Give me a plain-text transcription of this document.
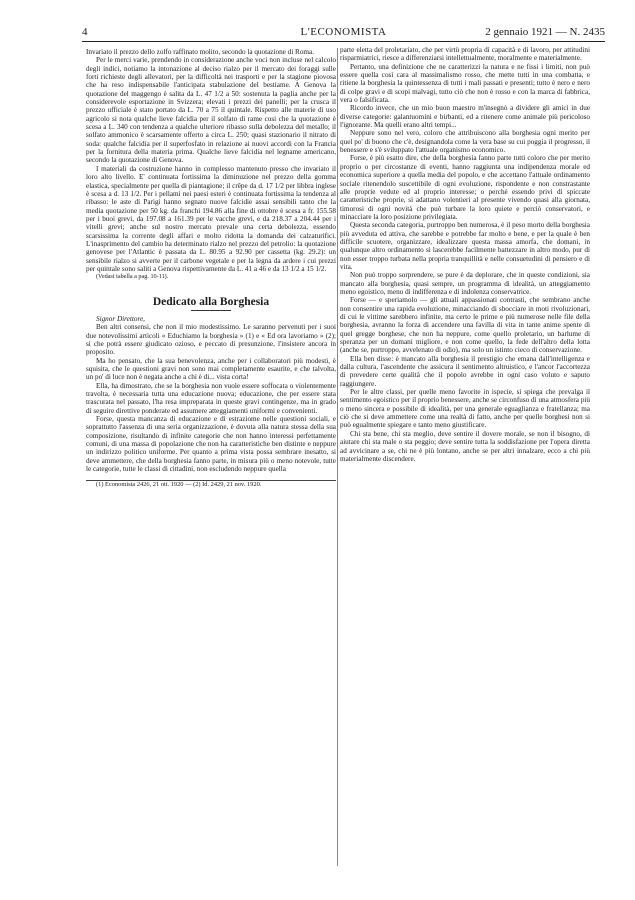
4	L'ECONOMISTA	2 gennaio 1921 — N. 2435

Invariato il prezzo dello zolfo raffinato molito, secondo la quotazione di Roma.

Per le merci varie, prendendo in considerazione anche voci non incluse nel calcolo degli indici, notiamo la intonazione al deciso rialzo per il mercato dei foraggi sulle forti richieste degli allevatori, per la difficoltà nei trasporti e per la stagione piovosa che ha reso indispensabile l'anticipata stabulazione del bestiame. A Genova la quotazione del maggengo è salita da L. 47 1/2 a 50: sostenuta la paglia anche per la considerevole esportazione in Svizzera; elevati i prezzi dei panelli; per la crusca il prezzo ufficiale è stato portato da L. 70 a 75 il quintale. Rispetto alle materie di uso agricolo si nota qualche lieve falcidia per il solfato di rame cosi che la quotazione è scesa a L. 340 con tendenza a qualche ulteriore ribasso sulla debolezza del metallo; il solfato ammonico è scarsamente offerto a circa L. 250; quasi stazionario il nitrato di soda: qualche falcidia per il superfosfato in relazione ai nuovi accordi con la Francia per la fornitura della materia prima. Qualche lieve falcidia nel legname americano, secondo la quotazione di Genova.

I materiali da costruzione hanno in complesso mantenuto presso che invariato il loro alto livello. E' continuata fortissima la diminuzione nel prezzo della gomma elastica, specialmente per quella di piantagione; il crêpe da d. 17 1/2 per libbra inglese è scesa a d. 13 1/2. Per i pellami nei paesi esteri è continuata fortissima la tendenza al ribasso: le aste di Parigi hanno segnato nuove falcidie assai sensibili tanto che la media quotazione per 50 kg. da franchi 194.86 alla fine di ottobre è scesa a fr. 155.58 per i buoi grevi, da 197.08 a 161.39 per le vacche grevi, e da 218.37 a 204.44 per i vitelli grevi; anche sul nostro mercato prevale una certa debolezza, essendo scarsissima la corrente degli affari e molto ridotta la domanda dei calzaturifici. L'inasprimento del cambio ha determinato rialzo nel prezzo del petrolio: la quotazione genovese per l'Atlantic è passata da L. 80.95 a 92.90 per cassetta (kg. 29.2): un sensibile rialzo si avverte per il carbone vegetale e per la legna da ardere i cui prezzi per quintale sono saliti a Genova rispettivamente da L. 41 a 46 e da 13 1/2 a 15 1/2.

(Vedasi tabella a pag. 10-11).

Dedicato alla Borghesia

Signor Direttore,

Ben altri consensi, che non il mio modestissimo. Le saranno pervenuti per i suoi due notevolissimi articoli « Educhiamo la borghesia » (1) e « Ed ora lavoriamo » (2); si che potrà essere giudicato ozioso, e peccato di presunzione, l'insistere ancora in proposito.

Ma ho pensato, che la sua benevolenza, anche per i collaboratori più modesti, è squisita, che le questioni gravi non sono mai completamente esaurite, e che talvolta, un po' di luce non è negata anche a chi è di... vista corta!

Ella, ha dimostrato, che se la borghesia non vuole essere soffocata o violentemente travolta, è necessaria tutta una educazione nuova; educazione, che per essere stata trascurata nel passato, l'ha resa impreparata in queste gravi contingenze, ma in grado di seguire direttive ponderate ed assumere atteggiamenti uniformi e convenienti.

Forse, questa mancanza di educazione e di estraziome nelle questioni sociali, e soprattutto l'assenza di una seria organizzazione, è dovuta alla natura stessa della sua composizione, risultando di infinite categorie che non hanno interessi perfettamente comuni, di una massa di popolazione che non ha caratteristiche ben distinte e neppure un indirizzo politico uniforme. Per quanto a prima vista possa sembrare inesatto, si deve ammettere, che della borghesia fanno parte, in misura più o meno notevole, tutte le categorie, tutte le classi di cittadini, non escludendo neppure quella

(1) Economista 2426, 21 ott. 1920 — (2) Id. 2429, 21 nov. 1920.

parte eletta del proletariato, che per virtù propria di capacità e di lavoro, per attitudini risparmiatrici, riesce a differenziarsi intellettualmente, moralmente e materialmente.

Pertanto, una definizione che ne caratterizzi la natura e ne fissi i limiti, non può essere quella così cara al massimalismo rosso, che mette tutti in una combatta, e ritiene la borghesia la quintessenza di tutti i mali passati e presenti; tutto è nero e nero di colpe gravi e di scopi malvagi, tutto ciò che non è rosso e con la marca di fabbrica, vera o falsificata.

Ricordo invece, che un mio buon maestro m'insegnò a dividere gli amici in due diverse categorie: galantuomini e birbanti, ed a ritenere come animale più pericoloso l'ignorante. Ma quelli erano altri tempi...

Neppure sono nel vero, coloro che attribuiscono alla borghesia ogni merito per quel po' di buono che c'è, designandola come la vera base su cui poggia il progresso, il benessere e s'è sviluppato l'attuale organismo economico.

Forse, è più esatto dire, che della borghesia fanno parte tutti coloro che per merito proprio o per circostanze di eventi, hanno raggiunta una indipendenza morale ed economica superiore a quella media del popolo, e che accettano l'attuale ordinamento sociale ritenendolo suscettibile di ogni evoluzione, rispondente e non constrastante alle proprie vedute ed al proprio interesse; o perchè essendo privi di spiccate caratteristiche proprie, si adattano volentieri al presente vivendo quasi alla giornata, timorosi di ogni novità che può turbare la loro quiete e perciò conservatori, e minacciare la loro posizione privilegiata.

Questa seconda categoria, purtroppo ben numerosa, è il peso morto della borghesia più avveduta ed attiva, che sarebbe e potrebbe far molto e bene, e per la quale è ben difficile scuotere, organizzare, idealizzare questa massa amorfa, che domani, in qualunque altro ordinamento si lascerebbe facilmente battezzare in altro modo, pur di non esser troppo turbata nella propria tranquillità e nelle consuetudini di pensiero e di vita.

Non può troppo sorprendere, se pure è da deplorare, che in queste condizioni, sia mancato alla borghesia, quasi sempre, un programma di idealità, un atteggiamento meno egoistico, meno di indifferenza e di indolenza conservatrice.

Forse — e speriamolo — gli attuali appassionati contrasti, che sembrano anche non consentire una rapida evoluzione, minacciando di sbocciare in moti rivoluzionari, di cui le vittime sarebbero infinite, ma certo le prime e più numerose nelle file della borghesia, avranno la forza di accendere una favilla di vita in tante anime spente di quel gregge borghese, che non ha neppure, come quello proletario, un barlume di speranza per un domani migliore, e non come quello, la fede dell'altro della lotta (anche se, purtroppo, avvelenato di odio), ma solo un istinto cieco di conservazione.

Ella ben disse: è mancato alla borghesia il prestigio che emana dall'intelligenza e dalla cultura, l'ascendente che assicura il sentimento altruistico, e l'ancor l'accortezza di prevedere certe qualità che il popolo avrebbe in ogni caso voluto e saputo raggiungere.

Per le altre classi, per quelle meno favorite in ispecie, si spiega che prevalga il sentimento egoistico per il proprio benessere, anche se circonfuso di una atmosfera più o meno sincera e possibile di idealità, per una generale eguaglianza e fratellanza; ma ciò che si deve ammettere come una realtà di fatto, anche per quelle borghesi non si può egualmente spiegare e tanto meno giustificare.

Chi sta bene, chi sta meglio, deve sentire il dovere morale, se non il bisogno, di aiutare chi sta male o sta peggio; deve sentire tutta la soddisfazione per l'opera diretta ad avvicinare a se, chi ne è più lontano, anche se per altri innalzare, ecco a chi più materialmente discendere.
